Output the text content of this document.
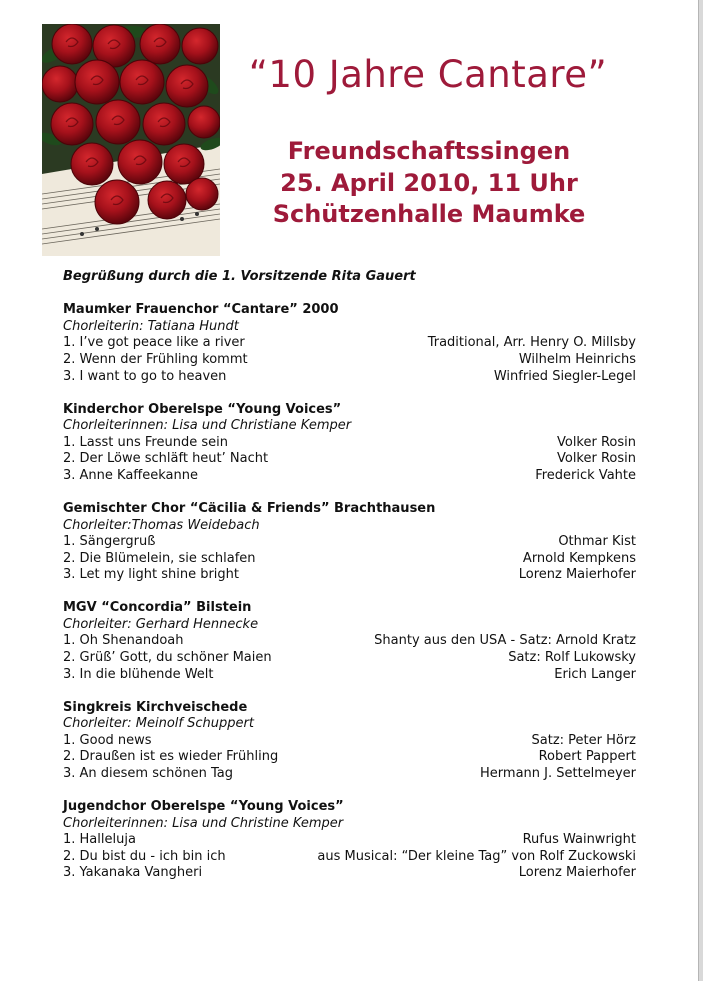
“10 Jahre Cantare”
Freundschaftssingen
25. April 2010, 11 Uhr
Schützenhalle Maumke
Begrüßung durch die 1. Vorsitzende Rita Gauert
Maumker Frauenchor “Cantare” 2000
Chorleiterin: Tatiana Hundt
1. I’ve got peace like a river	Traditional, Arr. Henry O. Millsby
2. Wenn der Frühling kommt	Wilhelm Heinrichs
3. I want to go to heaven	Winfried Siegler-Legel
Kinderchor Oberelspe “Young Voices”
Chorleiterinnen: Lisa und Christiane Kemper
1. Lasst uns Freunde sein	Volker Rosin
2. Der Löwe schläft heut’ Nacht	Volker Rosin
3. Anne Kaffeekanne	Frederick Vahte
Gemischter Chor “Cäcilia & Friends” Brachthausen
Chorleiter:Thomas Weidebach
1. Sängergruß	Othmar Kist
2. Die Blümelein, sie schlafen	Arnold Kempkens
3. Let my light shine bright	Lorenz Maierhofer
MGV “Concordia” Bilstein
Chorleiter: Gerhard Hennecke
1. Oh Shenandoah	Shanty aus den USA - Satz: Arnold Kratz
2. Grüß’ Gott, du schöner Maien	Satz: Rolf Lukowsky
3. In die blühende Welt	Erich Langer
Singkreis Kirchveischede
Chorleiter: Meinolf Schuppert
1. Good news	Satz: Peter Hörz
2. Draußen ist es wieder Frühling	Robert Pappert
3. An diesem schönen Tag	Hermann J. Settelmeyer
Jugendchor Oberelspe “Young Voices”
Chorleiterinnen: Lisa und Christine Kemper
1. Halleluja	Rufus Wainwright
2. Du bist du - ich bin ich	aus Musical: “Der kleine Tag” von Rolf Zuckowski
3. Yakanaka Vangheri	Lorenz Maierhofer
